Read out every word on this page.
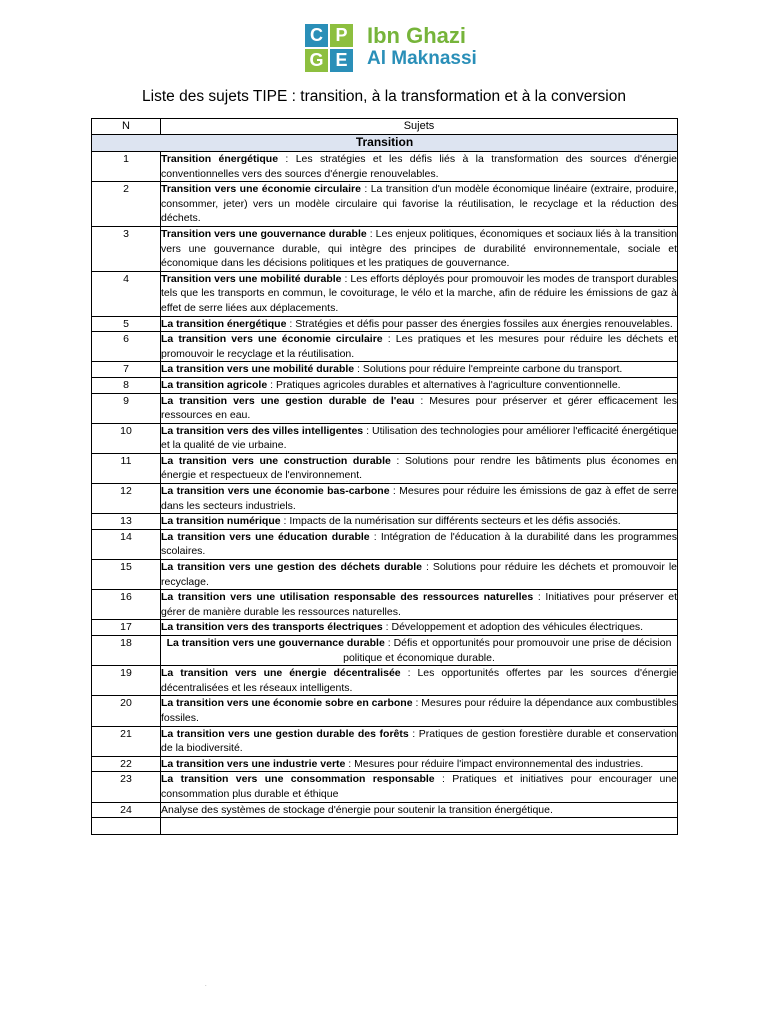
C P
G E
Ibn Ghazi
Al Maknassi
Liste des sujets TIPE : transition, à la transformation et à la conversion
N	Sujets
Transition	
1	Transition énergétique : Les stratégies et les défis liés à la transformation des sources d'énergie conventionnelles vers des sources d'énergie renouvelables.
2	Transition vers une économie circulaire : La transition d'un modèle économique linéaire (extraire, produire, consommer, jeter) vers un modèle circulaire qui favorise la réutilisation, le recyclage et la réduction des déchets.
3	Transition vers une gouvernance durable : Les enjeux politiques, économiques et sociaux liés à la transition vers une gouvernance durable, qui intègre des principes de durabilité environnementale, sociale et économique dans les décisions politiques et les pratiques de gouvernance.
4	Transition vers une mobilité durable : Les efforts déployés pour promouvoir les modes de transport durables tels que les transports en commun, le covoiturage, le vélo et la marche, afin de réduire les émissions de gaz à effet de serre liées aux déplacements.
5	La transition énergétique : Stratégies et défis pour passer des énergies fossiles aux énergies renouvelables.
6	La transition vers une économie circulaire : Les pratiques et les mesures pour réduire les déchets et promouvoir le recyclage et la réutilisation.
7	La transition vers une mobilité durable : Solutions pour réduire l'empreinte carbone du transport.
8	La transition agricole : Pratiques agricoles durables et alternatives à l'agriculture conventionnelle.
9	La transition vers une gestion durable de l'eau : Mesures pour préserver et gérer efficacement les ressources en eau.
10	La transition vers des villes intelligentes : Utilisation des technologies pour améliorer l'efficacité énergétique et la qualité de vie urbaine.
11	La transition vers une construction durable : Solutions pour rendre les bâtiments plus économes en énergie et respectueux de l'environnement.
12	La transition vers une économie bas-carbone : Mesures pour réduire les émissions de gaz à effet de serre dans les secteurs industriels.
13	La transition numérique : Impacts de la numérisation sur différents secteurs et les défis associés.
14	La transition vers une éducation durable : Intégration de l'éducation à la durabilité dans les programmes scolaires.
15	La transition vers une gestion des déchets durable : Solutions pour réduire les déchets et promouvoir le recyclage.
16	La transition vers une utilisation responsable des ressources naturelles : Initiatives pour préserver et gérer de manière durable les ressources naturelles.
17	La transition vers des transports électriques : Développement et adoption des véhicules électriques.
18	La transition vers une gouvernance durable : Défis et opportunités pour promouvoir une prise de décision politique et économique durable.
19	La transition vers une énergie décentralisée : Les opportunités offertes par les sources d'énergie décentralisées et les réseaux intelligents.
20	La transition vers une économie sobre en carbone : Mesures pour réduire la dépendance aux combustibles fossiles.
21	La transition vers une gestion durable des forêts : Pratiques de gestion forestière durable et conservation de la biodiversité.
22	La transition vers une industrie verte : Mesures pour réduire l'impact environnemental des industries.
23	La transition vers une consommation responsable : Pratiques et initiatives pour encourager une consommation plus durable et éthique
24	Analyse des systèmes de stockage d'énergie pour soutenir la transition énergétique.

.
